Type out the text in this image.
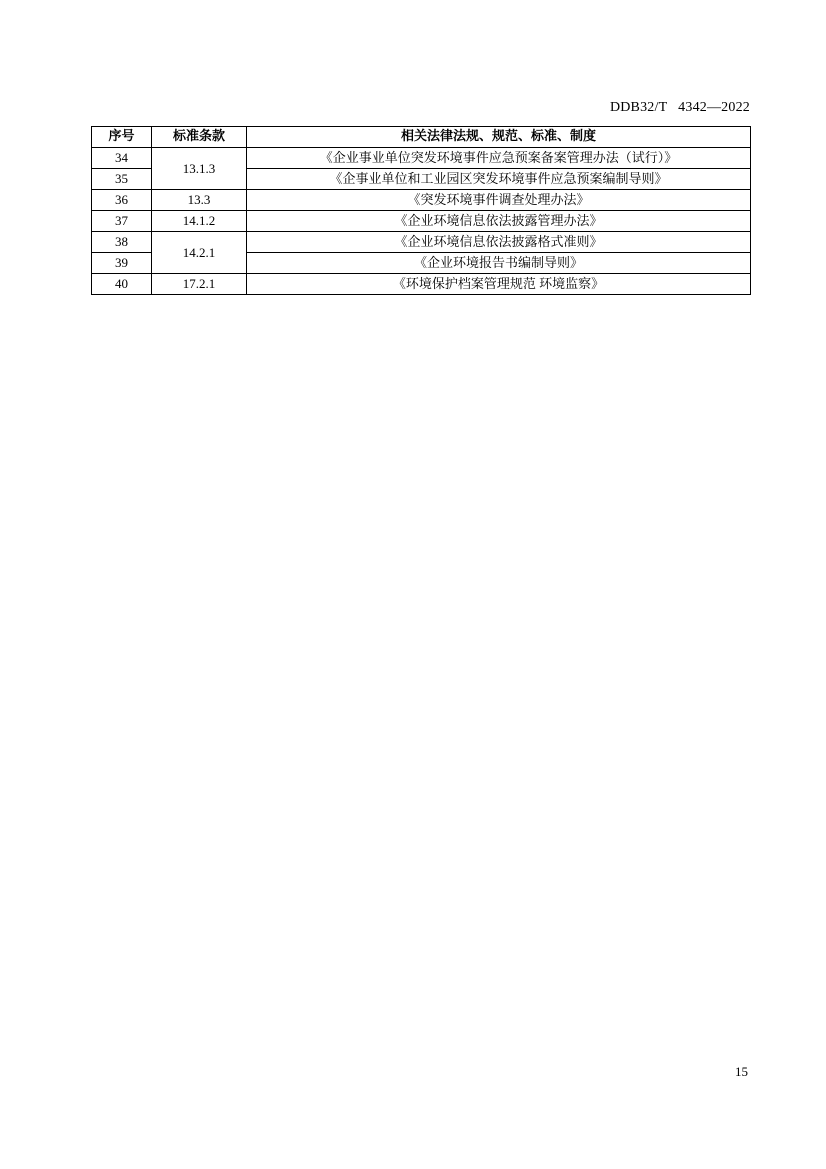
DDB32/T   4342—2022
序号	标准条款	相关法律法规、规范、标准、制度
34	13.1.3	《企业事业单位突发环境事件应急预案备案管理办法（试行）》
35		《企事业单位和工业园区突发环境事件应急预案编制导则》
36	13.3	《突发环境事件调查处理办法》
37	14.1.2	《企业环境信息依法披露管理办法》
38	14.2.1	《企业环境信息依法披露格式准则》
39		《企业环境报告书编制导则》
40	17.2.1	《环境保护档案管理规范 环境监察》
15
